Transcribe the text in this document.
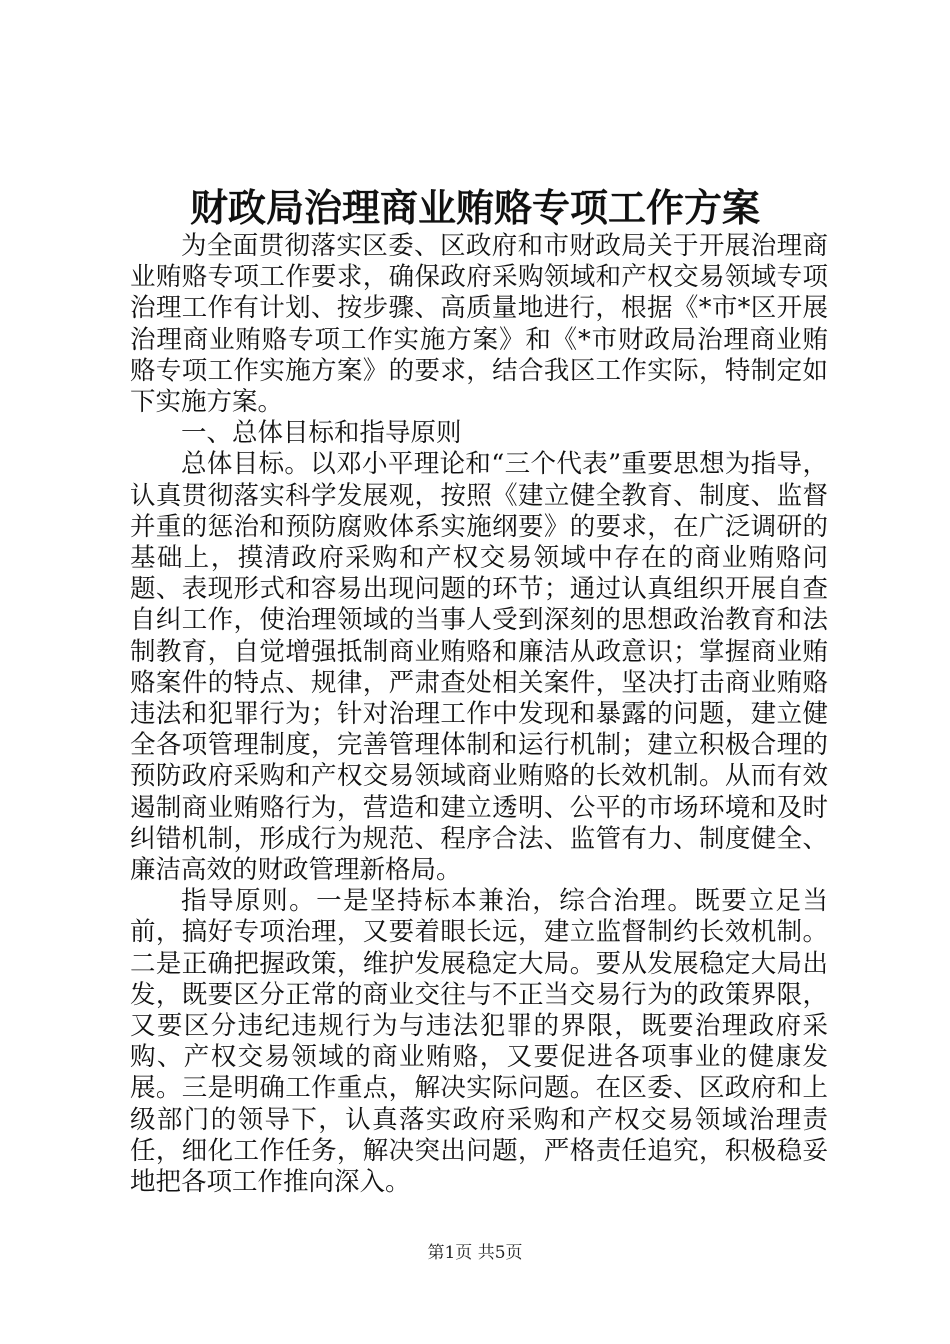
财政局治理商业贿赂专项工作方案

为全面贯彻落实区委、区政府和市财政局关于开展治理商业贿赂专项工作要求，确保政府采购领域和产权交易领域专项治理工作有计划、按步骤、高质量地进行，根据《*市*区开展治理商业贿赂专项工作实施方案》和《*市财政局治理商业贿赂专项工作实施方案》的要求，结合我区工作实际，特制定如下实施方案。

一、总体目标和指导原则

总体目标。以邓小平理论和“三个代表”重要思想为指导，认真贯彻落实科学发展观，按照《建立健全教育、制度、监督并重的惩治和预防腐败体系实施纲要》的要求，在广泛调研的基础上，摸清政府采购和产权交易领域中存在的商业贿赂问题、表现形式和容易出现问题的环节；通过认真组织开展自查自纠工作，使治理领域的当事人受到深刻的思想政治教育和法制教育，自觉增强抵制商业贿赂和廉洁从政意识；掌握商业贿赂案件的特点、规律，严肃查处相关案件，坚决打击商业贿赂违法和犯罪行为；针对治理工作中发现和暴露的问题，建立健全各项管理制度，完善管理体制和运行机制；建立积极合理的预防政府采购和产权交易领域商业贿赂的长效机制。从而有效遏制商业贿赂行为，营造和建立透明、公平的市场环境和及时纠错机制，形成行为规范、程序合法、监管有力、制度健全、廉洁高效的财政管理新格局。

指导原则。一是坚持标本兼治，综合治理。既要立足当前，搞好专项治理，又要着眼长远，建立监督制约长效机制。二是正确把握政策，维护发展稳定大局。要从发展稳定大局出发，既要区分正常的商业交往与不正当交易行为的政策界限，又要区分违纪违规行为与违法犯罪的界限，既要治理政府采购、产权交易领域的商业贿赂，又要促进各项事业的健康发展。三是明确工作重点，解决实际问题。在区委、区政府和上级部门的领导下，认真落实政府采购和产权交易领域治理责任，细化工作任务，解决突出问题，严格责任追究，积极稳妥地把各项工作推向深入。

第1页 共5页
